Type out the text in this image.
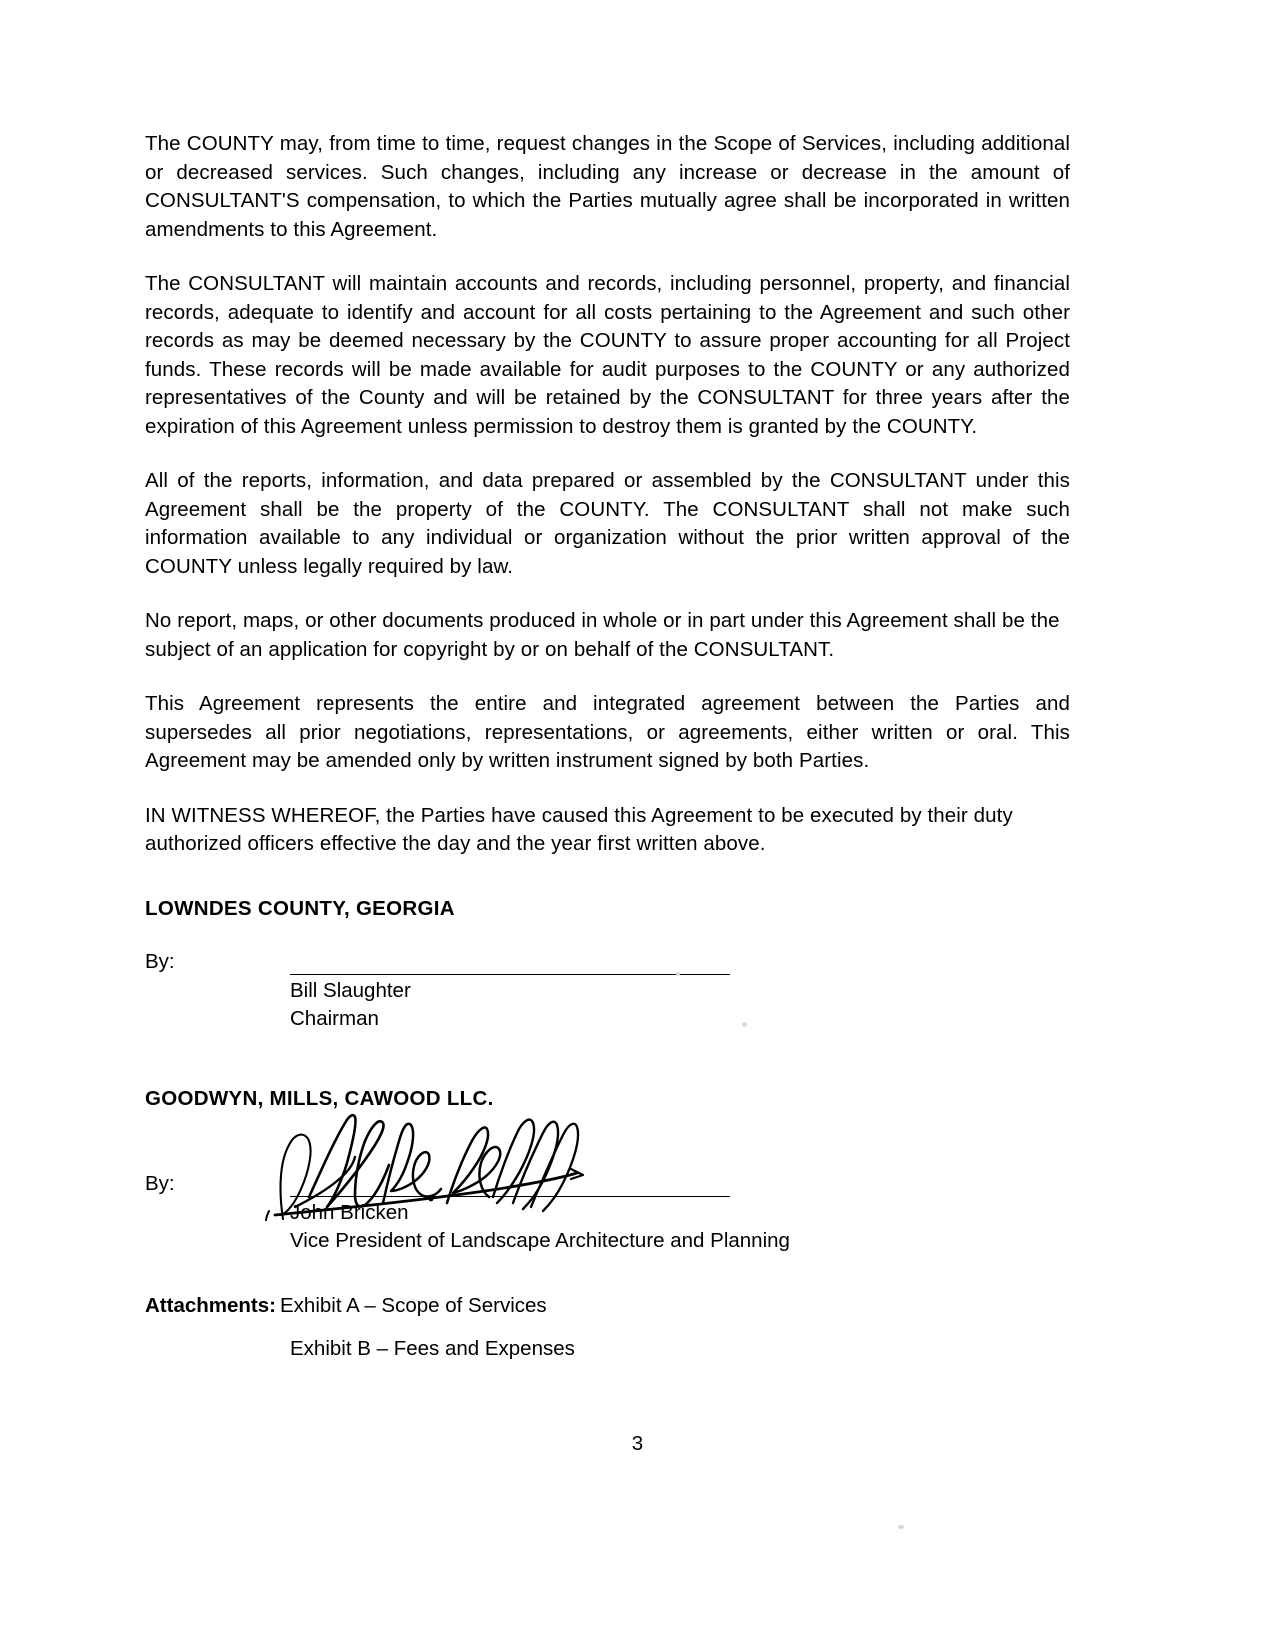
The COUNTY may, from time to time, request changes in the Scope of Services, including additional or decreased services. Such changes, including any increase or decrease in the amount of CONSULTANT'S compensation, to which the Parties mutually agree shall be incorporated in written amendments to this Agreement.

The CONSULTANT will maintain accounts and records, including personnel, property, and financial records, adequate to identify and account for all costs pertaining to the Agreement and such other records as may be deemed necessary by the COUNTY to assure proper accounting for all Project funds. These records will be made available for audit purposes to the COUNTY or any authorized representatives of the County and will be retained by the CONSULTANT for three years after the expiration of this Agreement unless permission to destroy them is granted by the COUNTY.

All of the reports, information, and data prepared or assembled by the CONSULTANT under this Agreement shall be the property of the COUNTY. The CONSULTANT shall not make such information available to any individual or organization without the prior written approval of the COUNTY unless legally required by law.

No report, maps, or other documents produced in whole or in part under this Agreement shall be the subject of an application for copyright by or on behalf of the CONSULTANT.

This Agreement represents the entire and integrated agreement between the Parties and supersedes all prior negotiations, representations, or agreements, either written or oral. This Agreement may be amended only by written instrument signed by both Parties.

IN WITNESS WHEREOF, the Parties have caused this Agreement to be executed by their duty authorized officers effective the day and the year first written above.

LOWNDES COUNTY, GEORGIA
By:
Bill Slaughter
Chairman
GOODWYN, MILLS, CAWOOD LLC.
By:
John Bricken
Vice President of Landscape Architecture and Planning
Attachments: Exhibit A – Scope of Services
Exhibit B – Fees and Expenses
3
